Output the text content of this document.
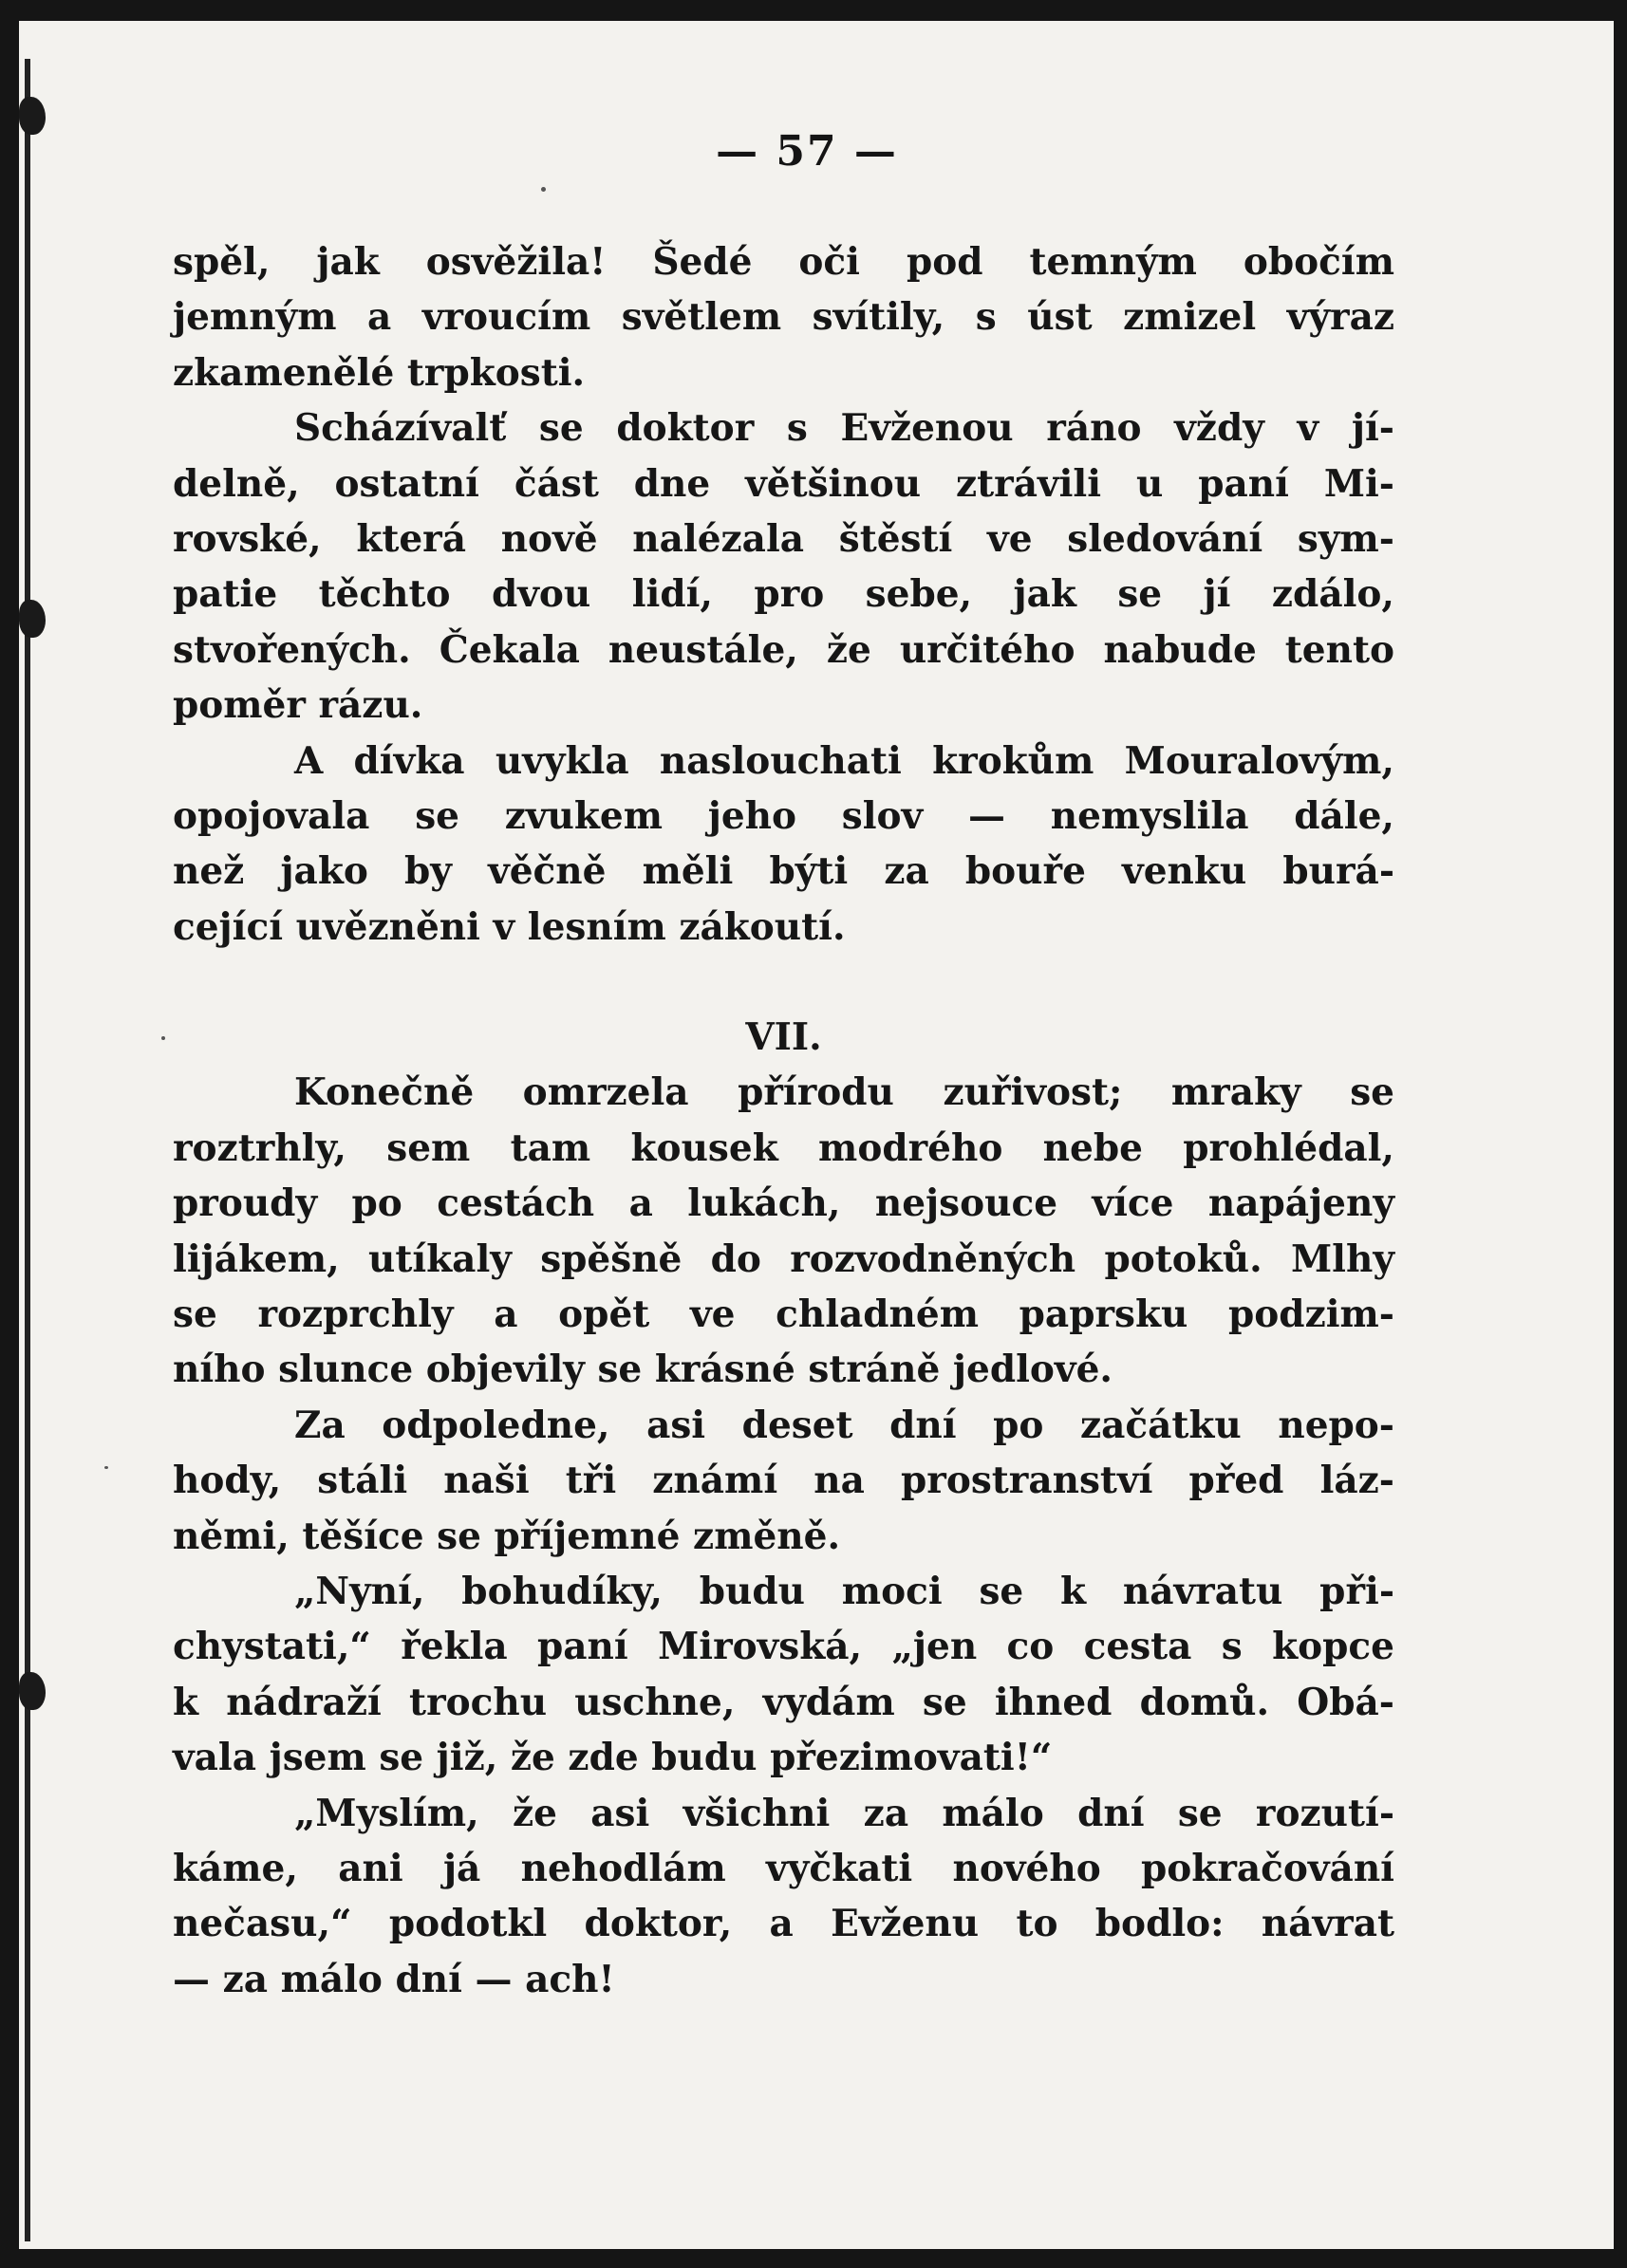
— 57 —
spěl, jak osvěžila! Šedé oči pod temným obočím
jemným a vroucím světlem svítily, s úst zmizel výraz
zkamenělé trpkosti.
Scházívalť se doktor s Evženou ráno vždy v jí-
delně, ostatní část dne většinou ztrávili u paní Mi-
rovské, která nově nalézala štěstí ve sledování sym-
patie těchto dvou lidí, pro sebe, jak se jí zdálo,
stvořených. Čekala neustále, že určitého nabude tento
poměr rázu.
A dívka uvykla naslouchati krokům Mouralovým,
opojovala se zvukem jeho slov — nemyslila dále,
než jako by věčně měli býti za bouře venku burá-
cející uvězněni v lesním zákoutí.
VII.
Konečně omrzela přírodu zuřivost; mraky se
roztrhly, sem tam kousek modrého nebe prohlédal,
proudy po cestách a lukách, nejsouce více napájeny
lijákem, utíkaly spěšně do rozvodněných potoků. Mlhy
se rozprchly a opět ve chladném paprsku podzim-
ního slunce objevily se krásné stráně jedlové.
Za odpoledne, asi deset dní po začátku nepo-
hody, stáli naši tři známí na prostranství před láz-
němi, těšíce se příjemné změně.
„Nyní, bohudíky, budu moci se k návratu při-
chystati,“ řekla paní Mirovská, „jen co cesta s kopce
k nádraží trochu uschne, vydám se ihned domů. Obá-
vala jsem se již, že zde budu přezimovati!“
„Myslím, že asi všichni za málo dní se rozutí-
káme, ani já nehodlám vyčkati nového pokračování
nečasu,“ podotkl doktor, a Evženu to bodlo: návrat
— za málo dní — ach!
